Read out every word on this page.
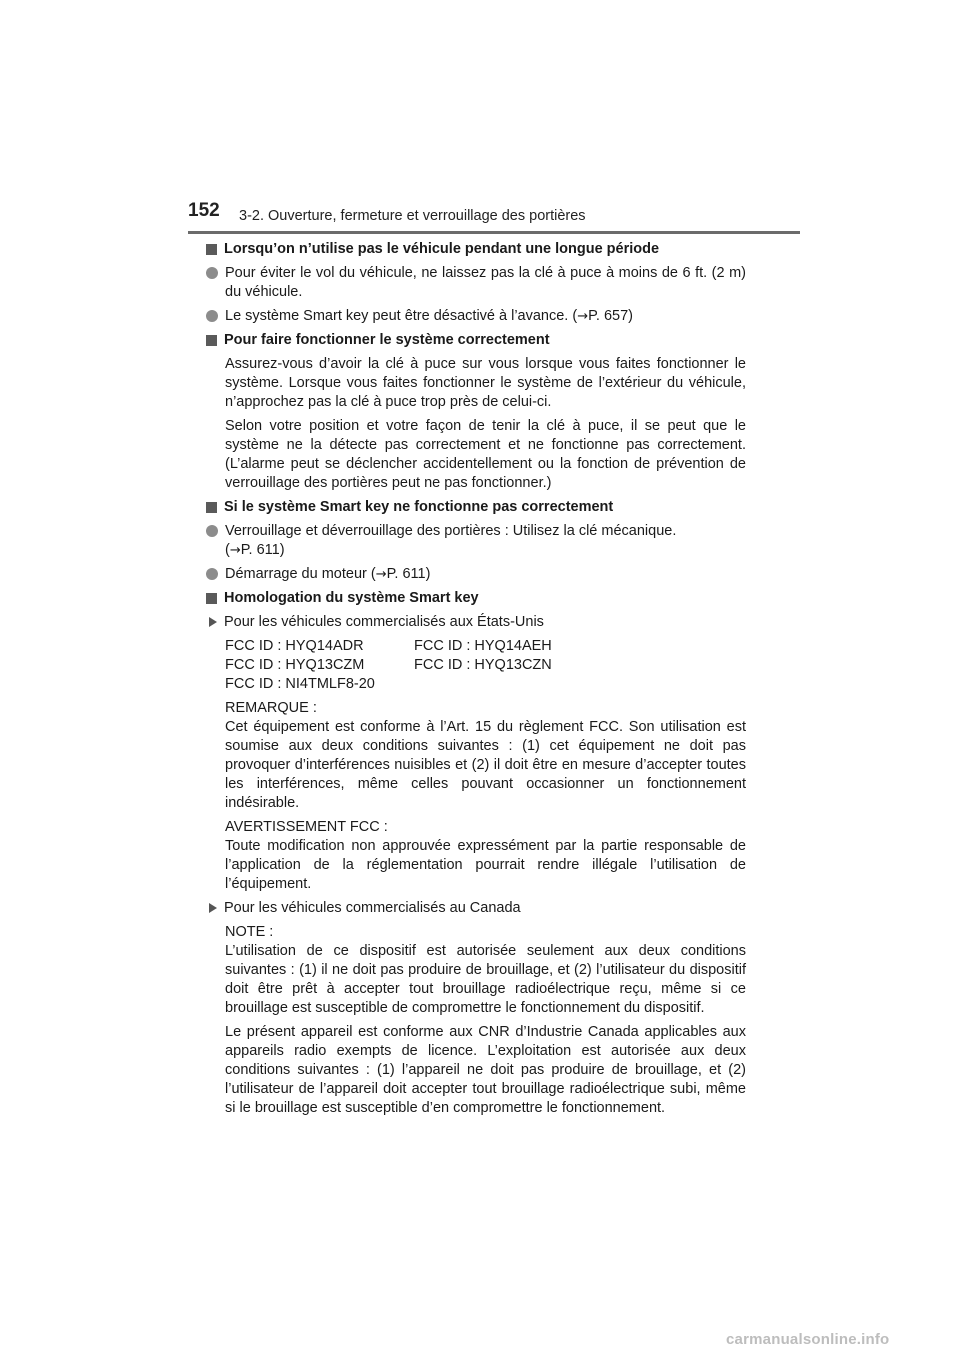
152 3-2. Ouverture, fermeture et verrouillage des portières
Lorsqu’on n’utilise pas le véhicule pendant une longue période
Pour éviter le vol du véhicule, ne laissez pas la clé à puce à moins de 6 ft. (2 m) du véhicule.
Le système Smart key peut être désactivé à l’avance. (→P. 657)
Pour faire fonctionner le système correctement
Assurez-vous d’avoir la clé à puce sur vous lorsque vous faites fonctionner le système. Lorsque vous faites fonctionner le système de l’extérieur du véhicule, n’approchez pas la clé à puce trop près de celui-ci.
Selon votre position et votre façon de tenir la clé à puce, il se peut que le système ne la détecte pas correctement et ne fonctionne pas correctement. (L’alarme peut se déclencher accidentellement ou la fonction de prévention de verrouillage des portières peut ne pas fonctionner.)
Si le système Smart key ne fonctionne pas correctement
Verrouillage et déverrouillage des portières : Utilisez la clé mécanique.
(→P. 611)
Démarrage du moteur (→P. 611)
Homologation du système Smart key
Pour les véhicules commercialisés aux États-Unis
FCC ID : HYQ14ADR	FCC ID : HYQ14AEH
FCC ID : HYQ13CZM	FCC ID : HYQ13CZN
FCC ID : NI4TMLF8-20
REMARQUE :
Cet équipement est conforme à l’Art. 15 du règlement FCC. Son utilisation est soumise aux deux conditions suivantes : (1) cet équipement ne doit pas provoquer d’interférences nuisibles et (2) il doit être en mesure d’accepter toutes les interférences, même celles pouvant occasionner un fonctionnement indésirable.
AVERTISSEMENT FCC :
Toute modification non approuvée expressément par la partie responsable de l’application de la réglementation pourrait rendre illégale l’utilisation de l’équipement.
Pour les véhicules commercialisés au Canada
NOTE :
L’utilisation de ce dispositif est autorisée seulement aux deux conditions suivantes : (1) il ne doit pas produire de brouillage, et (2) l’utilisateur du dispositif doit être prêt à accepter tout brouillage radioélectrique reçu, même si ce brouillage est susceptible de compromettre le fonctionnement du dispositif.
Le présent appareil est conforme aux CNR d’Industrie Canada applicables aux appareils radio exempts de licence. L’exploitation est autorisée aux deux conditions suivantes : (1) l’appareil ne doit pas produire de brouillage, et (2) l’utilisateur de l’appareil doit accepter tout brouillage radioélectrique subi, même si le brouillage est susceptible d’en compromettre le fonctionnement.
carmanualsonline.info
